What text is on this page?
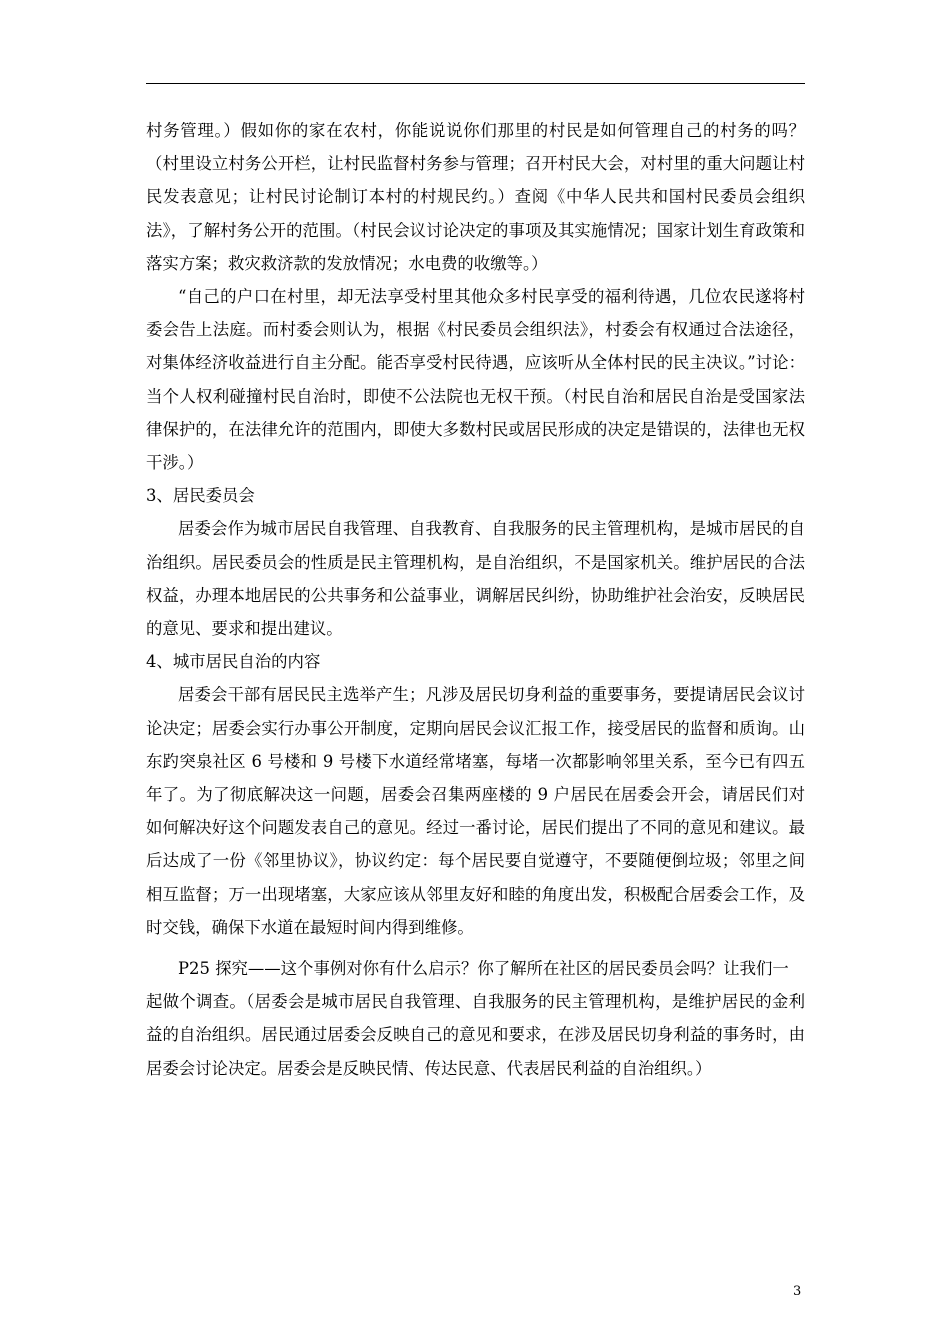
村务管理。）假如你的家在农村，你能说说你们那里的村民是如何管理自己的村务的吗？（村里设立村务公开栏，让村民监督村务参与管理；召开村民大会，对村里的重大问题让村民发表意见；让村民讨论制订本村的村规民约。）查阅《中华人民共和国村民委员会组织法》，了解村务公开的范围。（村民会议讨论决定的事项及其实施情况；国家计划生育政策和落实方案；救灾救济款的发放情况；水电费的收缴等。）

“自己的户口在村里，却无法享受村里其他众多村民享受的福利待遇，几位农民遂将村委会告上法庭。而村委会则认为，根据《村民委员会组织法》，村委会有权通过合法途径，对集体经济收益进行自主分配。能否享受村民待遇，应该听从全体村民的民主决议。”讨论：当个人权利碰撞村民自治时，即使不公法院也无权干预。（村民自治和居民自治是受国家法律保护的，在法律允许的范围内，即使大多数村民或居民形成的决定是错误的，法律也无权干涉。）

3、居民委员会

居委会作为城市居民自我管理、自我教育、自我服务的民主管理机构，是城市居民的自治组织。居民委员会的性质是民主管理机构，是自治组织，不是国家机关。维护居民的合法权益，办理本地居民的公共事务和公益事业，调解居民纠纷，协助维护社会治安，反映居民的意见、要求和提出建议。

4、城市居民自治的内容

居委会干部有居民民主选举产生；凡涉及居民切身利益的重要事务，要提请居民会议讨论决定；居委会实行办事公开制度，定期向居民会议汇报工作，接受居民的监督和质询。山东趵突泉社区 6 号楼和 9 号楼下水道经常堵塞，每堵一次都影响邻里关系，至今已有四五年了。为了彻底解决这一问题，居委会召集两座楼的 9 户居民在居委会开会，请居民们对如何解决好这个问题发表自己的意见。经过一番讨论，居民们提出了不同的意见和建议。最后达成了一份《邻里协议》，协议约定：每个居民要自觉遵守，不要随便倒垃圾；邻里之间相互监督；万一出现堵塞，大家应该从邻里友好和睦的角度出发，积极配合居委会工作，及时交钱，确保下水道在最短时间内得到维修。

P25 探究——这个事例对你有什么启示？你了解所在社区的居民委员会吗？让我们一

起做个调查。（居委会是城市居民自我管理、自我服务的民主管理机构，是维护居民的金利益的自治组织。居民通过居委会反映自己的意见和要求，在涉及居民切身利益的事务时，由居委会讨论决定。居委会是反映民情、传达民意、代表居民利益的自治组织。）

3
